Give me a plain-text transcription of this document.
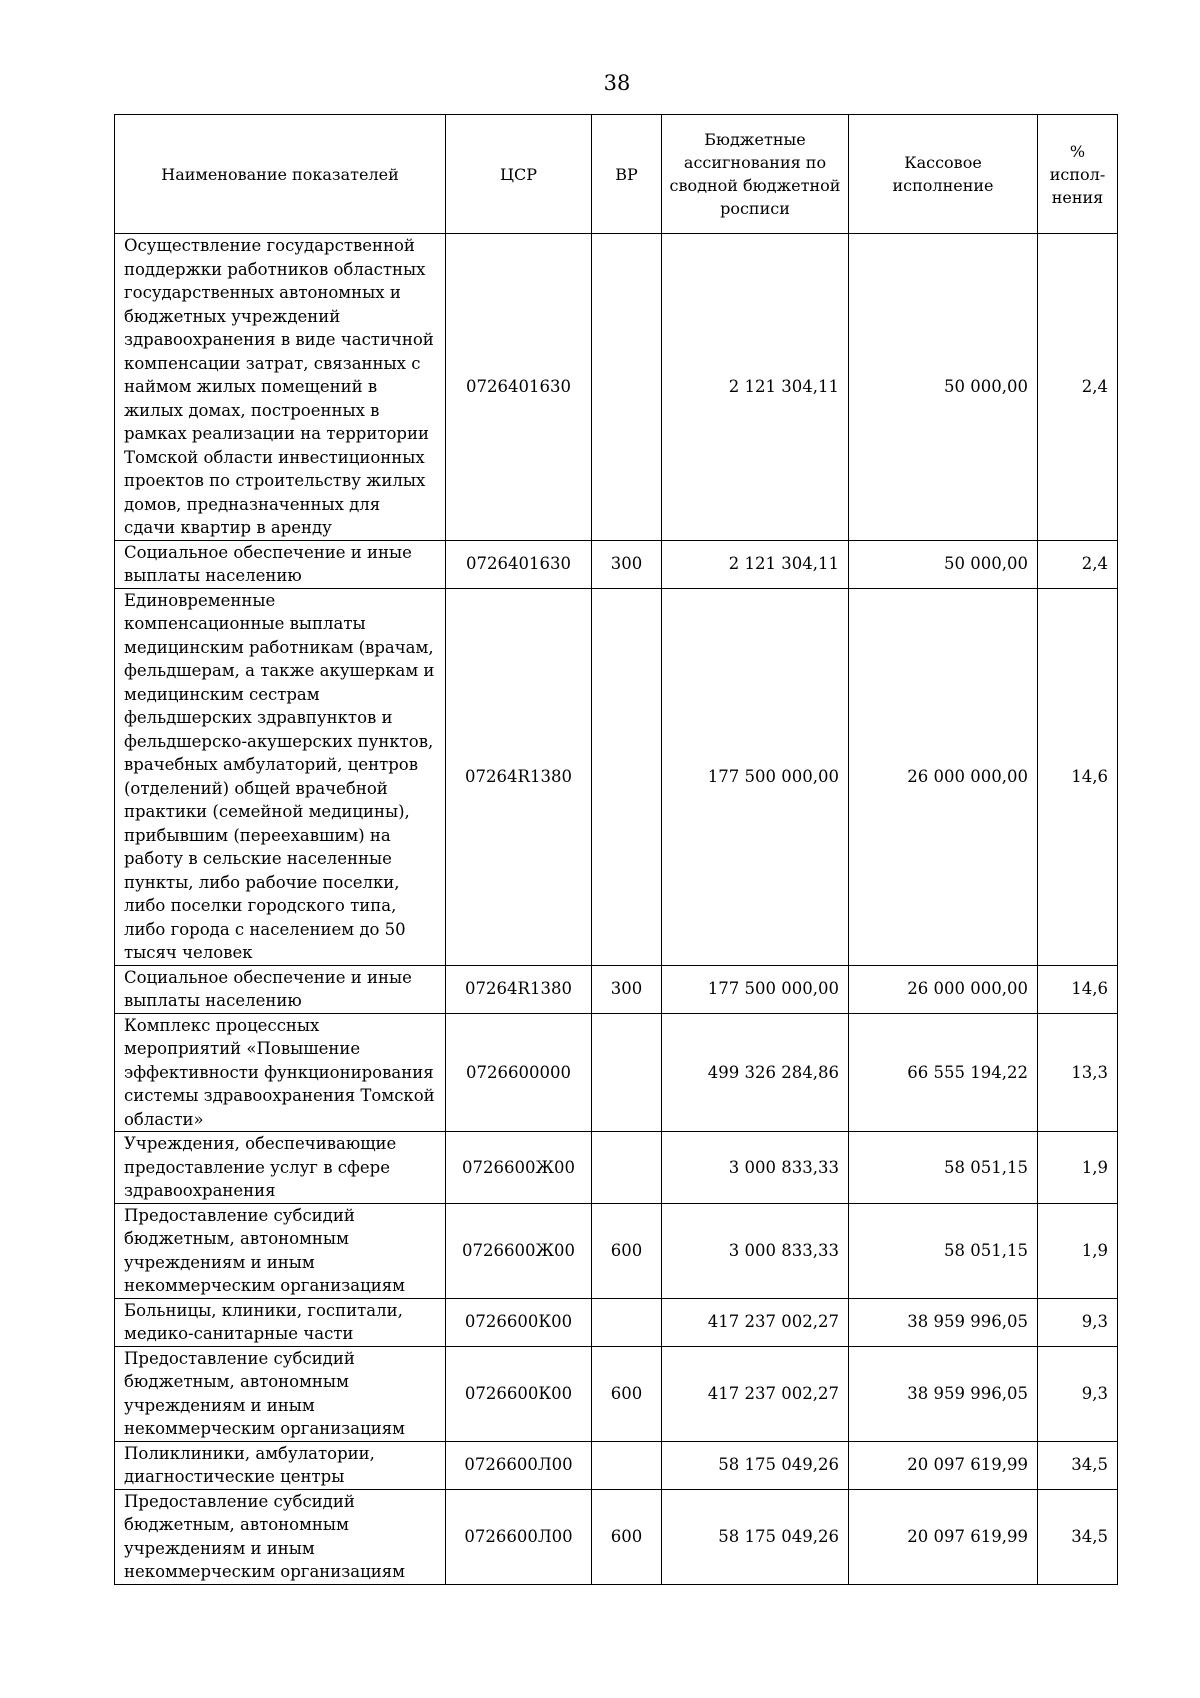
38
Наименование показателей	ЦСР	ВР	Бюджетные ассигнования по сводной бюджетной росписи	Кассовое исполнение	% испол-нения
Осуществление государственной поддержки работников областных государственных автономных и бюджетных учреждений здравоохранения в виде частичной компенсации затрат, связанных с наймом жилых помещений в жилых домах, построенных в рамках реализации на территории Томской области инвестиционных проектов по строительству жилых домов, предназначенных для сдачи квартир в аренду	0726401630		2 121 304,11	50 000,00	2,4
Социальное обеспечение и иные выплаты населению	0726401630	300	2 121 304,11	50 000,00	2,4
Единовременные компенсационные выплаты медицинским работникам (врачам, фельдшерам, а также акушеркам и медицинским сестрам фельдшерских здравпунктов и фельдшерско-акушерских пунктов, врачебных амбулаторий, центров (отделений) общей врачебной практики (семейной медицины), прибывшим (переехавшим) на работу в сельские населенные пункты, либо рабочие поселки, либо поселки городского типа, либо города с населением до 50 тысяч человек	07264R1380		177 500 000,00	26 000 000,00	14,6
Социальное обеспечение и иные выплаты населению	07264R1380	300	177 500 000,00	26 000 000,00	14,6
Комплекс процессных мероприятий «Повышение эффективности функционирования системы здравоохранения Томской области»	0726600000		499 326 284,86	66 555 194,22	13,3
Учреждения, обеспечивающие предоставление услуг в сфере здравоохранения	0726600Ж00		3 000 833,33	58 051,15	1,9
Предоставление субсидий бюджетным, автономным учреждениям и иным некоммерческим организациям	0726600Ж00	600	3 000 833,33	58 051,15	1,9
Больницы, клиники, госпитали, медико-санитарные части	0726600К00		417 237 002,27	38 959 996,05	9,3
Предоставление субсидий бюджетным, автономным учреждениям и иным некоммерческим организациям	0726600К00	600	417 237 002,27	38 959 996,05	9,3
Поликлиники, амбулатории, диагностические центры	0726600Л00		58 175 049,26	20 097 619,99	34,5
Предоставление субсидий бюджетным, автономным учреждениям и иным некоммерческим организациям	0726600Л00	600	58 175 049,26	20 097 619,99	34,5
